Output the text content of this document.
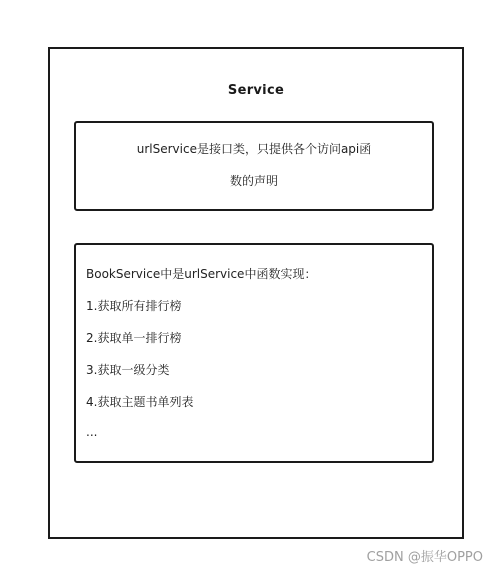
Service
urlService是接口类，只提供各个访问api函
数的声明
BookService中是urlService中函数实现：
1.获取所有排行榜
2.获取单一排行榜
3.获取一级分类
4.获取主题书单列表
...
CSDN @振华OPPO
